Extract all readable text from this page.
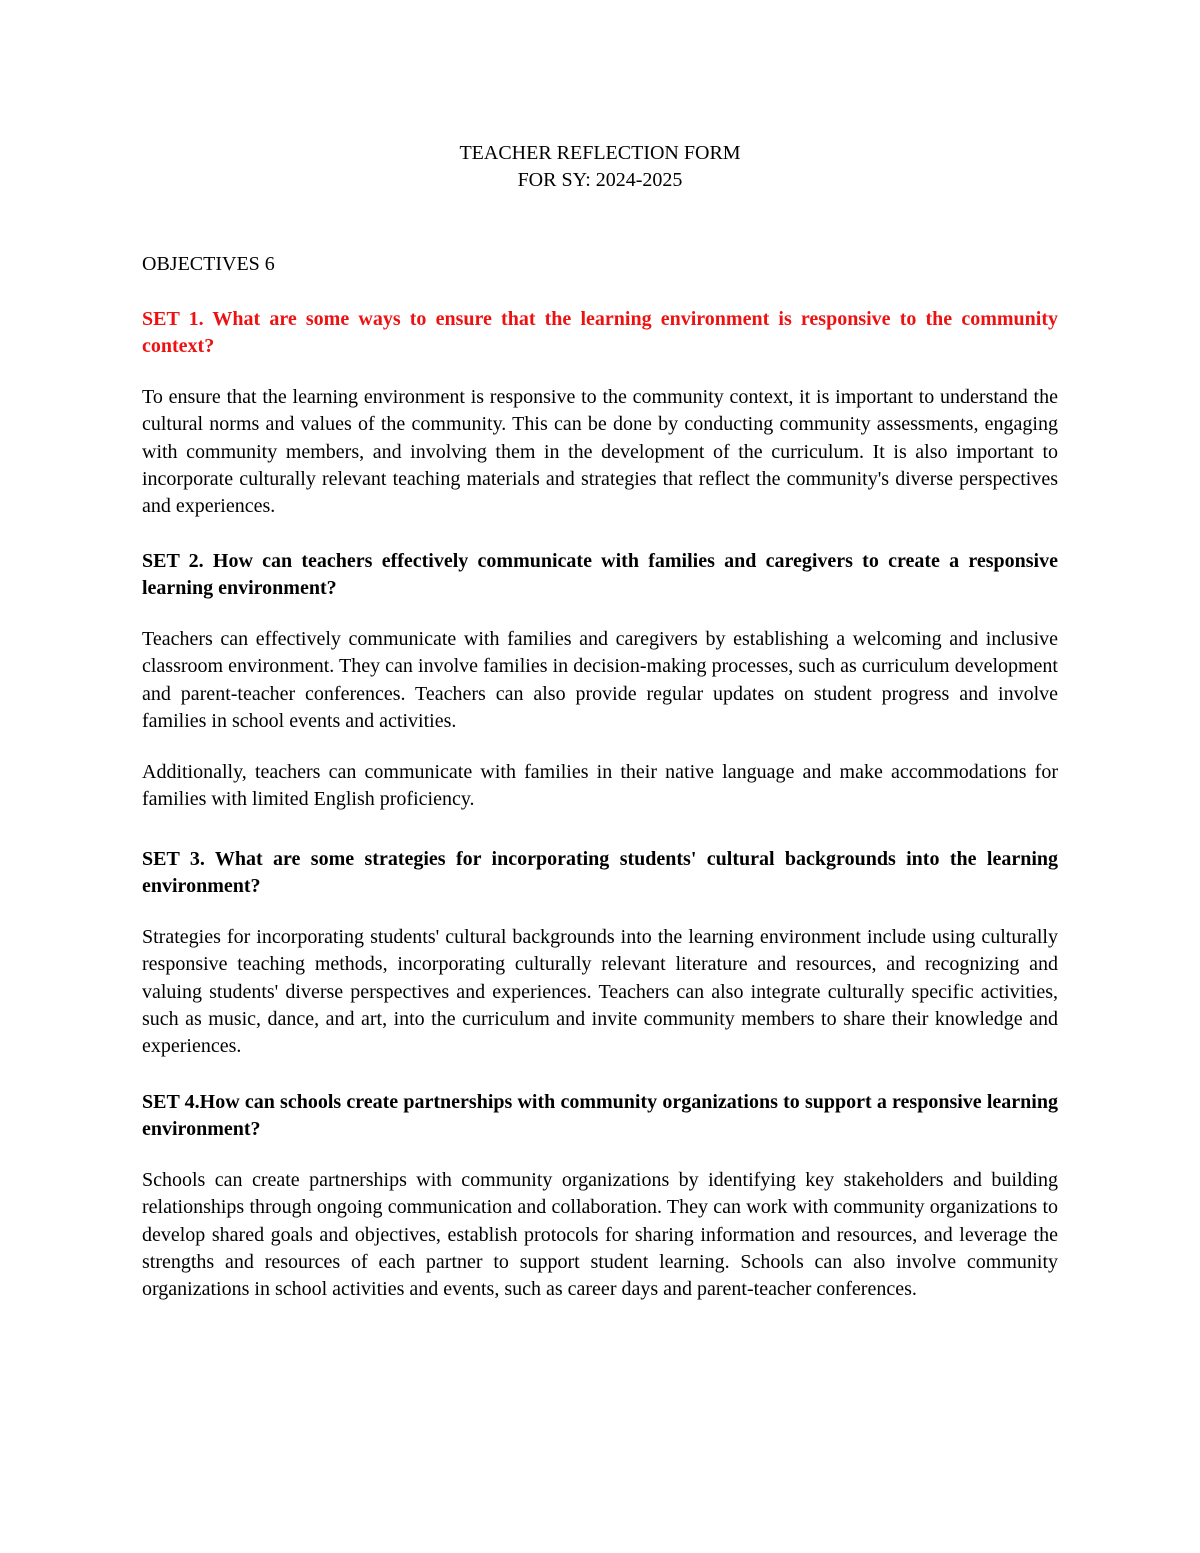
TEACHER REFLECTION FORM
FOR SY: 2024-2025
OBJECTIVES 6

SET 1. What are some ways to ensure that the learning environment is responsive to the community context?

To ensure that the learning environment is responsive to the community context, it is important to understand the cultural norms and values of the community. This can be done by conducting community assessments, engaging with community members, and involving them in the development of the curriculum. It is also important to incorporate culturally relevant teaching materials and strategies that reflect the community's diverse perspectives and experiences.

SET 2. How can teachers effectively communicate with families and caregivers to create a responsive learning environment?

Teachers can effectively communicate with families and caregivers by establishing a welcoming and inclusive classroom environment. They can involve families in decision-making processes, such as curriculum development and parent-teacher conferences. Teachers can also provide regular updates on student progress and involve families in school events and activities.

Additionally, teachers can communicate with families in their native language and make accommodations for families with limited English proficiency.

SET 3. What are some strategies for incorporating students' cultural backgrounds into the learning environment?

Strategies for incorporating students' cultural backgrounds into the learning environment include using culturally responsive teaching methods, incorporating culturally relevant literature and resources, and recognizing and valuing students' diverse perspectives and experiences. Teachers can also integrate culturally specific activities, such as music, dance, and art, into the curriculum and invite community members to share their knowledge and experiences.

SET 4.How can schools create partnerships with community organizations to support a responsive learning environment?

Schools can create partnerships with community organizations by identifying key stakeholders and building relationships through ongoing communication and collaboration. They can work with community organizations to develop shared goals and objectives, establish protocols for sharing information and resources, and leverage the strengths and resources of each partner to support student learning. Schools can also involve community organizations in school activities and events, such as career days and parent-teacher conferences.
